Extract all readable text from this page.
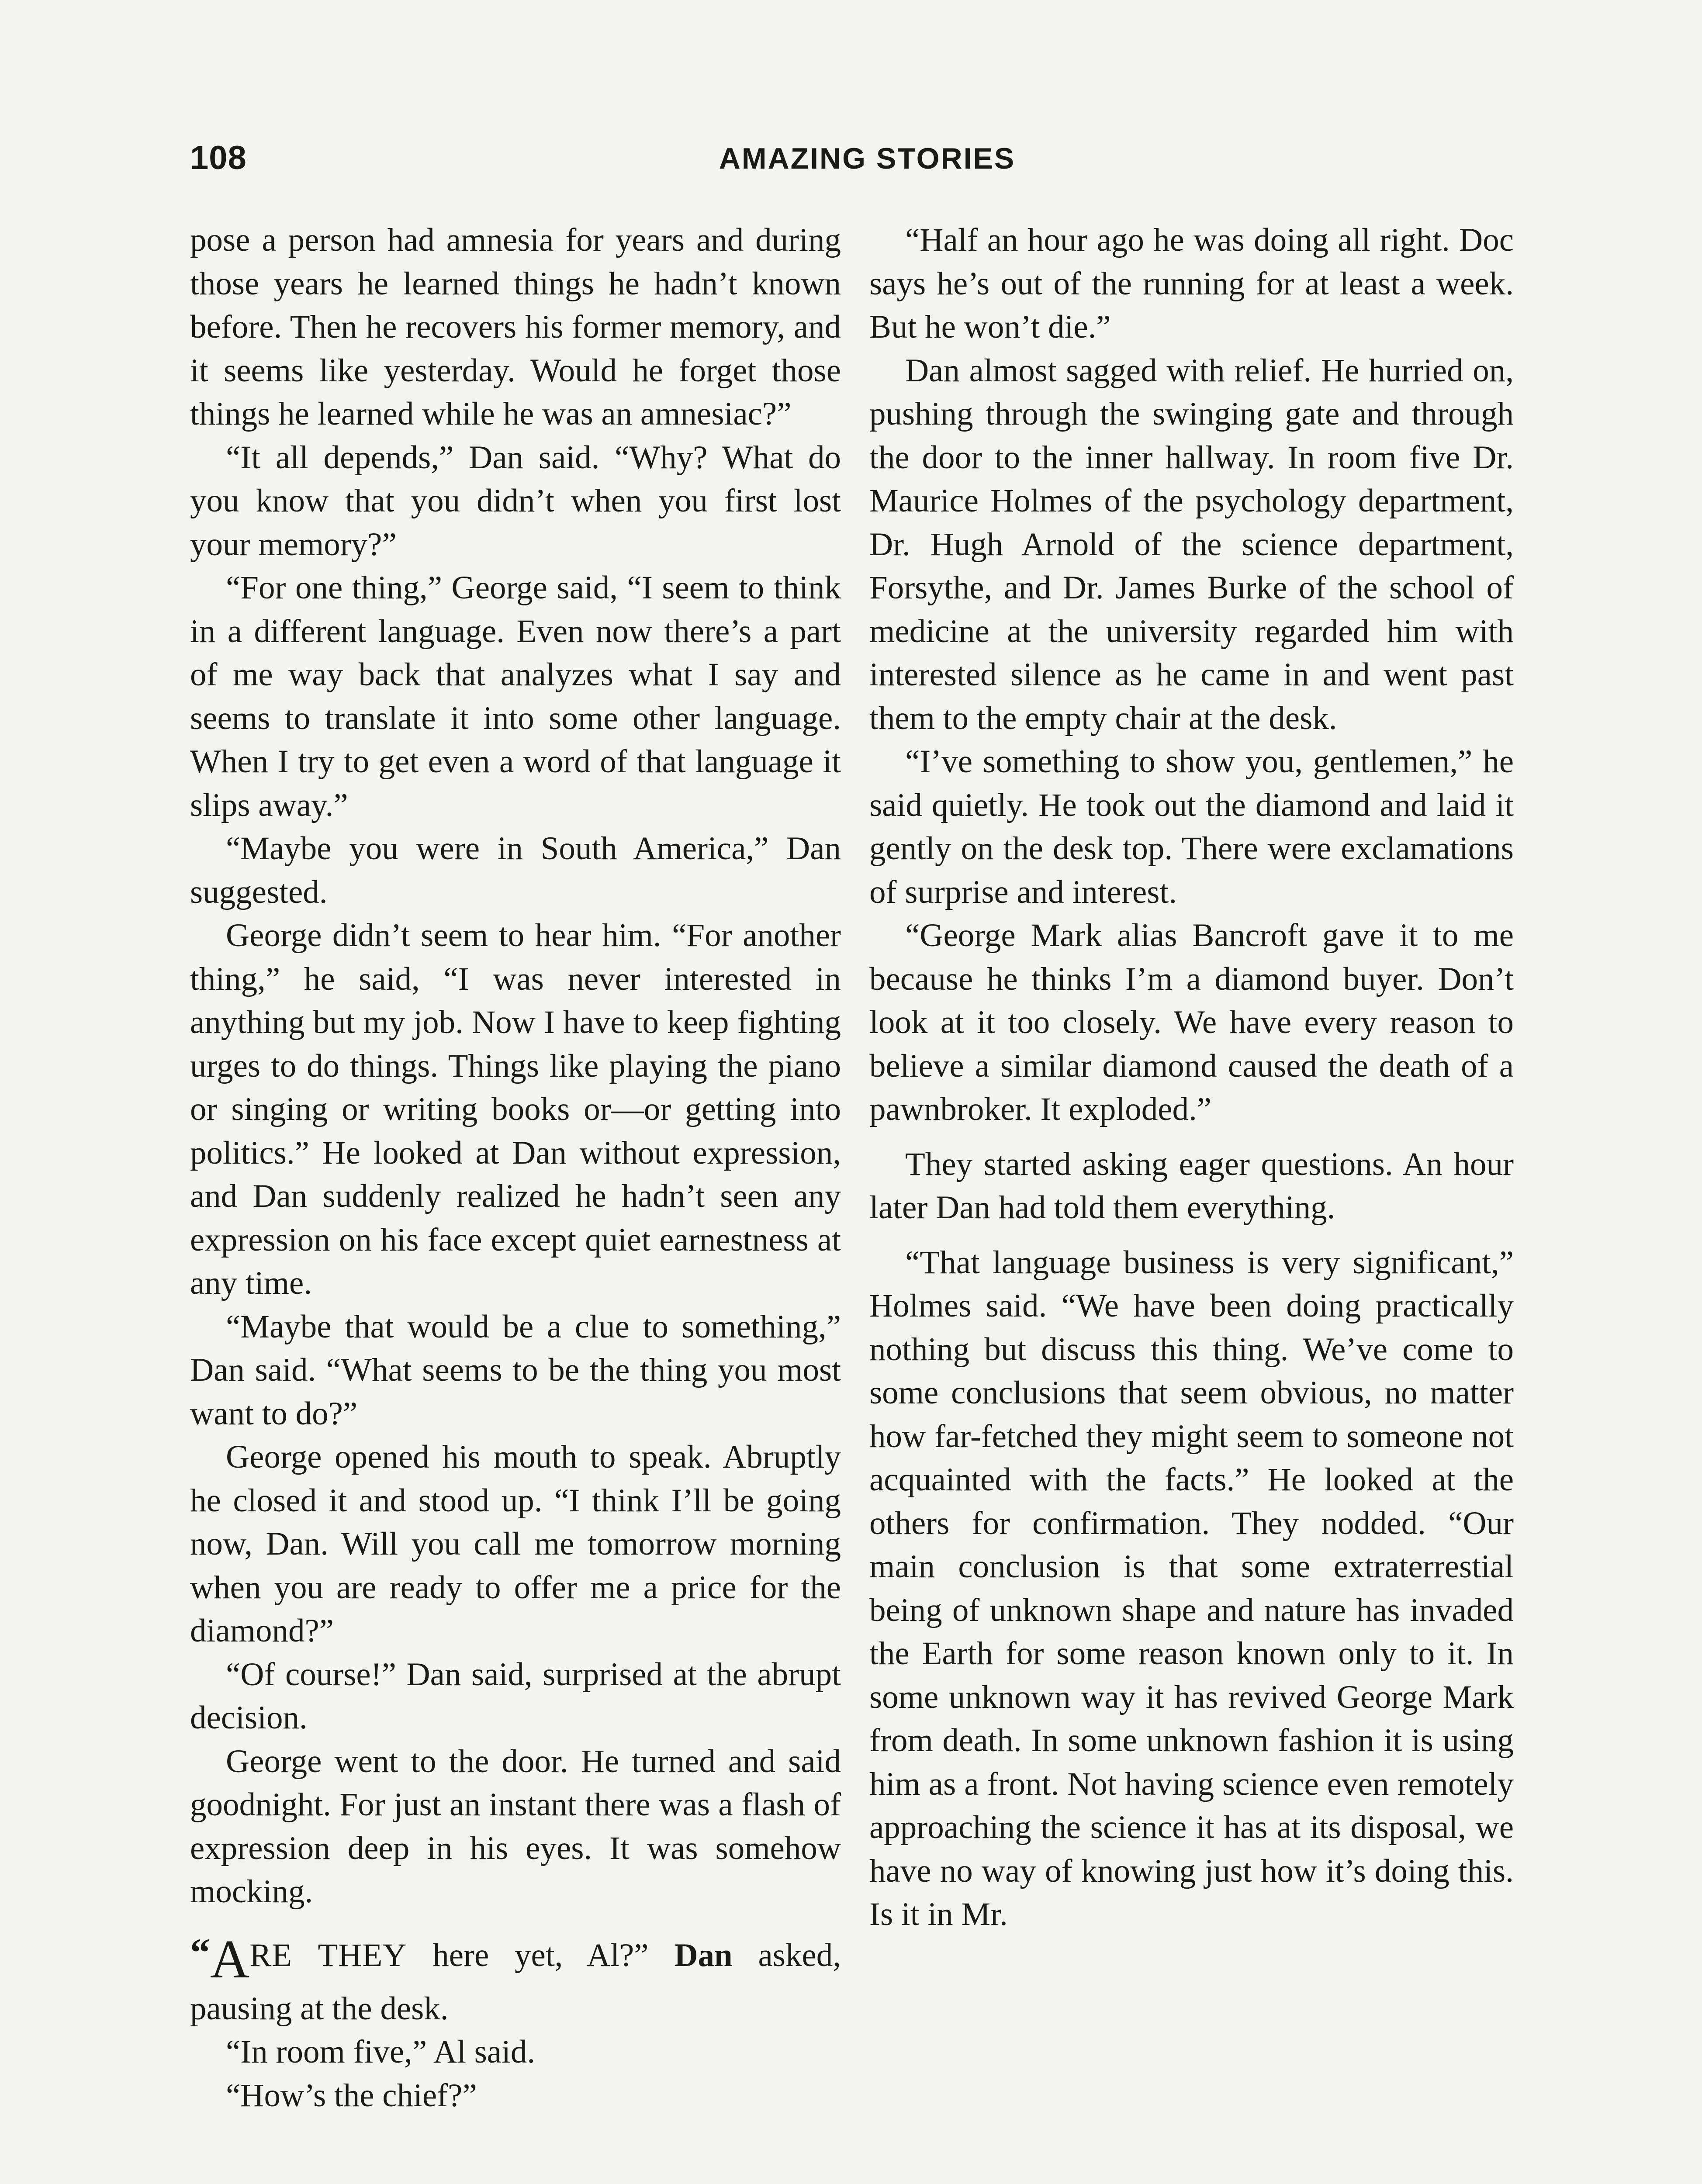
108	AMAZING STORIES

pose a person had amnesia for years and during those years he learned things he hadn’t known before. Then he recovers his former memory, and it seems like yesterday. Would he forget those things he learned while he was an amnesiac?”

“It all depends,” Dan said. “Why? What do you know that you didn’t when you first lost your memory?”

“For one thing,” George said, “I seem to think in a different language. Even now there’s a part of me way back that analyzes what I say and seems to translate it into some other language. When I try to get even a word of that language it slips away.”

“Maybe you were in South America,” Dan suggested.

George didn’t seem to hear him. “For another thing,” he said, “I was never interested in anything but my job. Now I have to keep fighting urges to do things. Things like playing the piano or singing or writing books or—or getting into politics.” He looked at Dan without expression, and Dan suddenly realized he hadn’t seen any expression on his face except quiet earnestness at any time.

“Maybe that would be a clue to something,” Dan said. “What seems to be the thing you most want to do?”

George opened his mouth to speak. Abruptly he closed it and stood up. “I think I’ll be going now, Dan. Will you call me tomorrow morning when you are ready to offer me a price for the diamond?”

“Of course!” Dan said, surprised at the abrupt decision.

George went to the door. He turned and said goodnight. For just an instant there was a flash of expression deep in his eyes. It was somehow mocking.

“ARE THEY here yet, Al?” Dan asked, pausing at the desk.

“In room five,” Al said.

“How’s the chief?”

“Half an hour ago he was doing all right. Doc says he’s out of the running for at least a week. But he won’t die.”

Dan almost sagged with relief. He hurried on, pushing through the swinging gate and through the door to the inner hallway. In room five Dr. Maurice Holmes of the psychology department, Dr. Hugh Arnold of the science department, Forsythe, and Dr. James Burke of the school of medicine at the university regarded him with interested silence as he came in and went past them to the empty chair at the desk.

“I’ve something to show you, gentlemen,” he said quietly. He took out the diamond and laid it gently on the desk top. There were exclamations of surprise and interest.

“George Mark alias Bancroft gave it to me because he thinks I’m a diamond buyer. Don’t look at it too closely. We have every reason to believe a similar diamond caused the death of a pawnbroker. It exploded.”

They started asking eager questions. An hour later Dan had told them everything.

“That language business is very significant,” Holmes said. “We have been doing practically nothing but discuss this thing. We’ve come to some conclusions that seem obvious, no matter how far-fetched they might seem to someone not acquainted with the facts.” He looked at the others for confirmation. They nodded. “Our main conclusion is that some extraterrestial being of unknown shape and nature has invaded the Earth for some reason known only to it. In some unknown way it has revived George Mark from death. In some unknown fashion it is using him as a front. Not having science even remotely approaching the science it has at its disposal, we have no way of knowing just how it’s doing this. Is it in Mr.
